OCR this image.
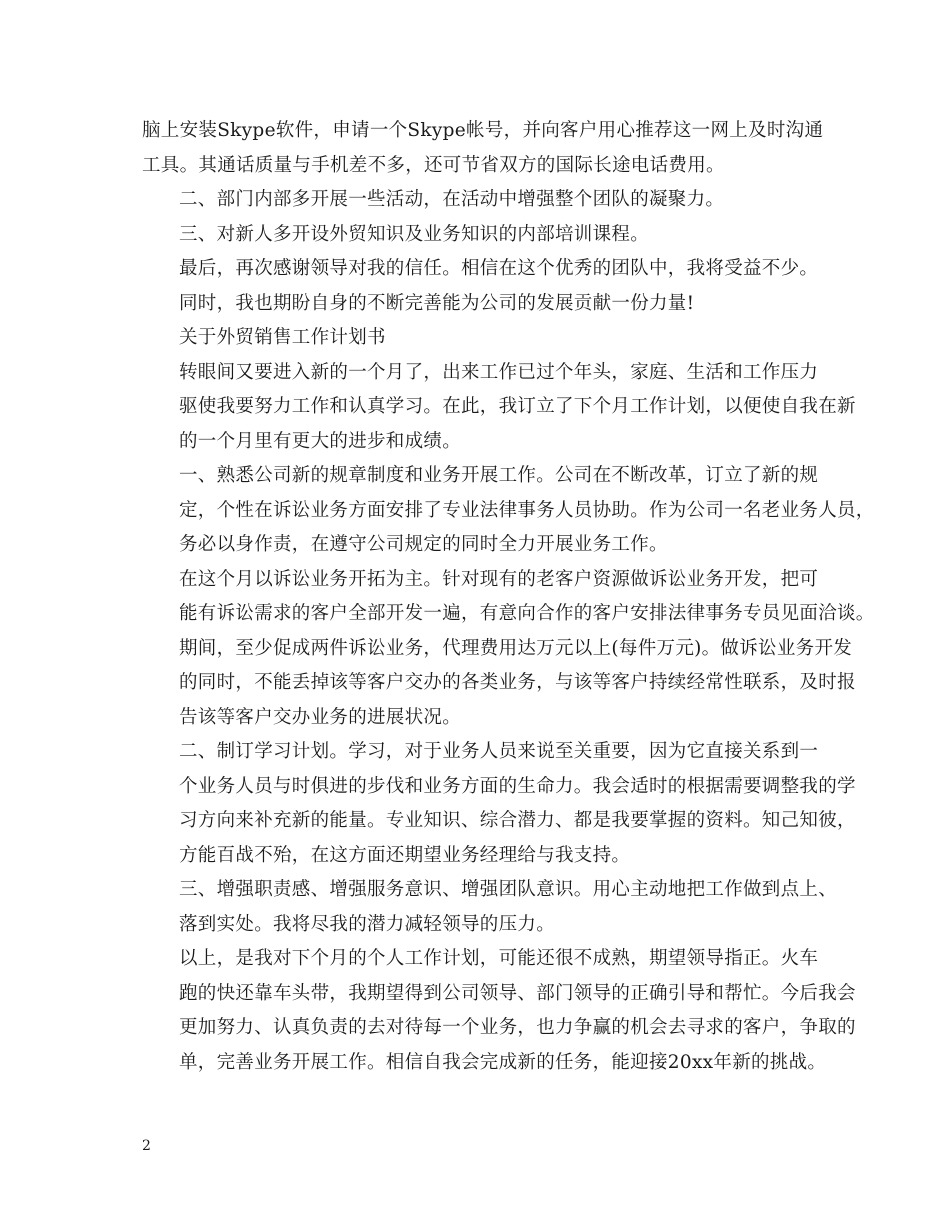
脑上安装Skype软件，申请一个Skype帐号，并向客户用心推荐这一网上及时沟通
工具。其通话质量与手机差不多，还可节省双方的国际长途电话费用。

二、部门内部多开展一些活动，在活动中增强整个团队的凝聚力。

三、对新人多开设外贸知识及业务知识的内部培训课程。

最后，再次感谢领导对我的信任。相信在这个优秀的团队中，我将受益不少。
同时，我也期盼自身的不断完善能为公司的发展贡献一份力量!

关于外贸销售工作计划书

转眼间又要进入新的一个月了，出来工作已过个年头，家庭、生活和工作压力
驱使我要努力工作和认真学习。在此，我订立了下个月工作计划，以便使自我在新
的一个月里有更大的进步和成绩。

一、熟悉公司新的规章制度和业务开展工作。公司在不断改革，订立了新的规
定，个性在诉讼业务方面安排了专业法律事务人员协助。作为公司一名老业务人员，
务必以身作责，在遵守公司规定的同时全力开展业务工作。

在这个月以诉讼业务开拓为主。针对现有的老客户资源做诉讼业务开发，把可
能有诉讼需求的客户全部开发一遍，有意向合作的客户安排法律事务专员见面洽谈。
期间，至少促成两件诉讼业务，代理费用达万元以上(每件万元)。做诉讼业务开发
的同时，不能丢掉该等客户交办的各类业务，与该等客户持续经常性联系，及时报
告该等客户交办业务的进展状况。

二、制订学习计划。学习，对于业务人员来说至关重要，因为它直接关系到一
个业务人员与时俱进的步伐和业务方面的生命力。我会适时的根据需要调整我的学
习方向来补充新的能量。专业知识、综合潜力、都是我要掌握的资料。知己知彼，
方能百战不殆，在这方面还期望业务经理给与我支持。

三、增强职责感、增强服务意识、增强团队意识。用心主动地把工作做到点上、
落到实处。我将尽我的潜力减轻领导的压力。

以上，是我对下个月的个人工作计划，可能还很不成熟，期望领导指正。火车
跑的快还靠车头带，我期望得到公司领导、部门领导的正确引导和帮忙。今后我会
更加努力、认真负责的去对待每一个业务，也力争赢的机会去寻求的客户，争取的
单，完善业务开展工作。相信自我会完成新的任务，能迎接20xx年新的挑战。

2
